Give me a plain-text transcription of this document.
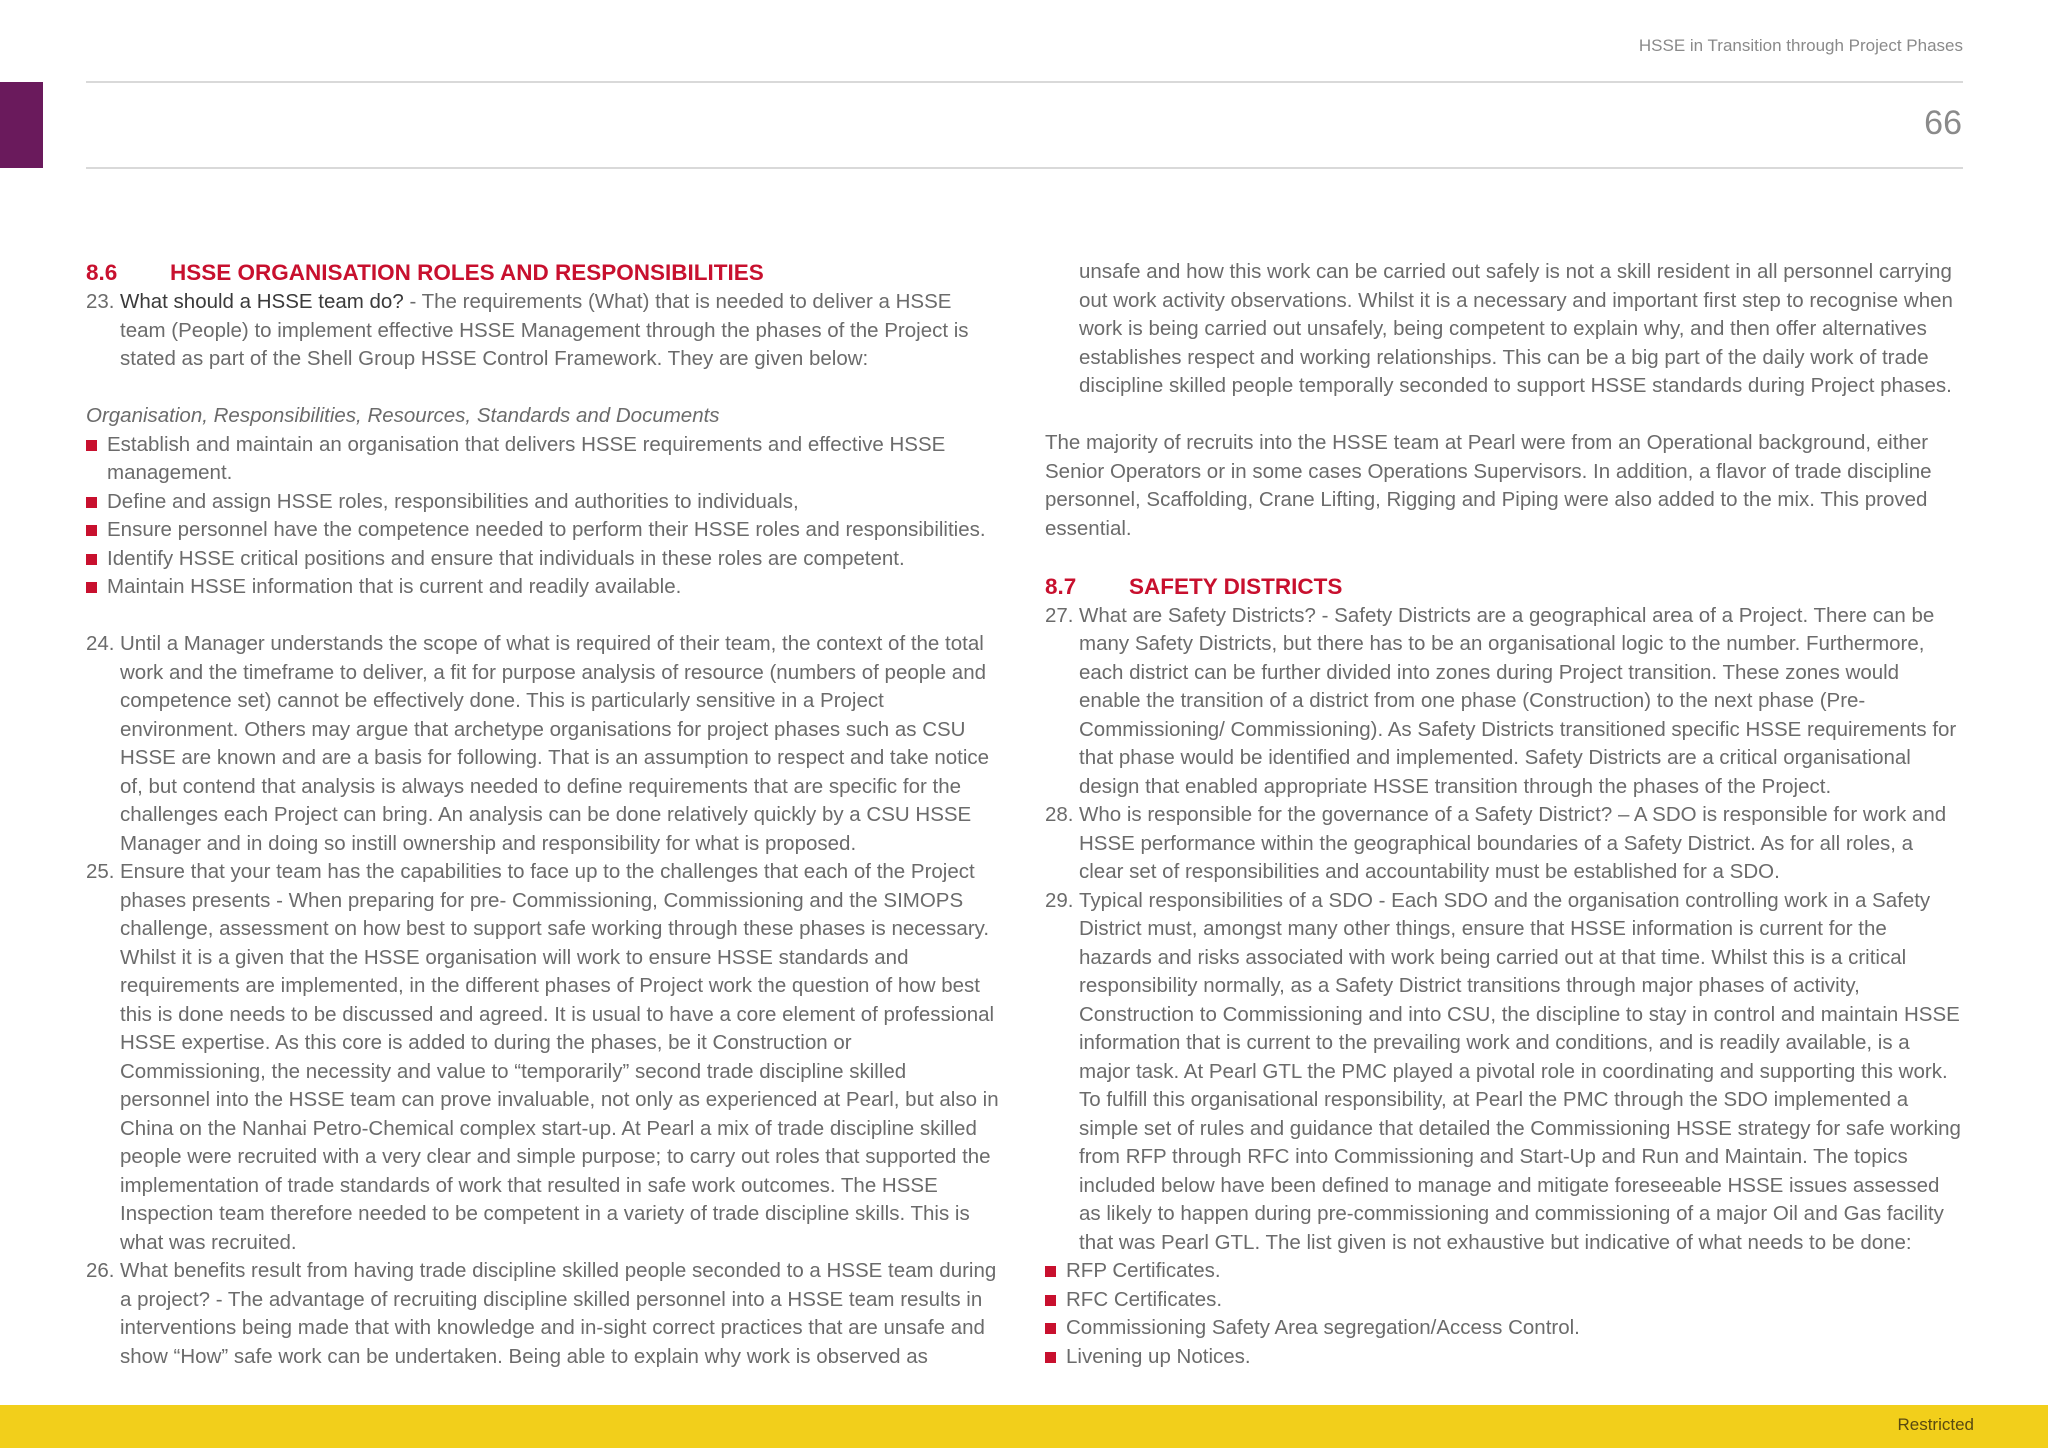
HSSE in Transition through Project Phases
66
8.6	HSSE ORGANISATION ROLES AND RESPONSIBILITIES
23. What should a HSSE team do? - The requirements (What) that is needed to deliver a HSSE team (People) to implement effective HSSE Management through the phases of the Project is stated as part of the Shell Group HSSE Control Framework. They are given below:

Organisation, Responsibilities, Resources, Standards and Documents

Establish and maintain an organisation that delivers HSSE requirements and effective HSSE management.
Define and assign HSSE roles, responsibilities and authorities to individuals,
Ensure personnel have the competence needed to perform their HSSE roles and responsibilities.
Identify HSSE critical positions and ensure that individuals in these roles are competent.
Maintain HSSE information that is current and readily available.
24. Until a Manager understands the scope of what is required of their team, the context of the total work and the timeframe to deliver, a fit for purpose analysis of resource (numbers of people and competence set) cannot be effectively done. This is particularly sensitive in a Project environment. Others may argue that archetype organisations for project phases such as CSU HSSE are known and are a basis for following. That is an assumption to respect and take notice of, but contend that analysis is always needed to define requirements that are specific for the challenges each Project can bring. An analysis can be done relatively quickly by a CSU HSSE Manager and in doing so instill ownership and responsibility for what is proposed.
25. Ensure that your team has the capabilities to face up to the challenges that each of the Project phases presents - When preparing for pre- Commissioning, Commissioning and the SIMOPS challenge, assessment on how best to support safe working through these phases is necessary. Whilst it is a given that the HSSE organisation will work to ensure HSSE standards and requirements are implemented, in the different phases of Project work the question of how best this is done needs to be discussed and agreed. It is usual to have a core element of professional HSSE expertise. As this core is added to during the phases, be it Construction or Commissioning, the necessity and value to “temporarily” second trade discipline skilled personnel into the HSSE team can prove invaluable, not only as experienced at Pearl, but also in China on the Nanhai Petro-Chemical complex start-up. At Pearl a mix of trade discipline skilled people were recruited with a very clear and simple purpose; to carry out roles that supported the implementation of trade standards of work that resulted in safe work outcomes. The HSSE Inspection team therefore needed to be competent in a variety of trade discipline skills. This is what was recruited.
26. What benefits result from having trade discipline skilled people seconded to a HSSE team during a project? - The advantage of recruiting discipline skilled personnel into a HSSE team results in interventions being made that with knowledge and in-sight correct practices that are unsafe and show “How” safe work can be undertaken. Being able to explain why work is observed as

unsafe and how this work can be carried out safely is not a skill resident in all personnel carrying out work activity observations. Whilst it is a necessary and important first step to recognise when work is being carried out unsafely, being competent to explain why, and then offer alternatives establishes respect and working relationships. This can be a big part of the daily work of trade discipline skilled people temporally seconded to support HSSE standards during Project phases.

The majority of recruits into the HSSE team at Pearl were from an Operational background, either Senior Operators or in some cases Operations Supervisors. In addition, a flavor of trade discipline personnel, Scaffolding, Crane Lifting, Rigging and Piping were also added to the mix. This proved essential.

8.7	SAFETY DISTRICTS
27. What are Safety Districts? - Safety Districts are a geographical area of a Project. There can be many Safety Districts, but there has to be an organisational logic to the number. Furthermore, each district can be further divided into zones during Project transition. These zones would enable the transition of a district from one phase (Construction) to the next phase (Pre-Commissioning/ Commissioning). As Safety Districts transitioned specific HSSE requirements for that phase would be identified and implemented. Safety Districts are a critical organisational design that enabled appropriate HSSE transition through the phases of the Project.
28. Who is responsible for the governance of a Safety District? – A SDO is responsible for work and HSSE performance within the geographical boundaries of a Safety District. As for all roles, a clear set of responsibilities and accountability must be established for a SDO.
29. Typical responsibilities of a SDO - Each SDO and the organisation controlling work in a Safety District must, amongst many other things, ensure that HSSE information is current for the hazards and risks associated with work being carried out at that time. Whilst this is a critical responsibility normally, as a Safety District transitions through major phases of activity, Construction to Commissioning and into CSU, the discipline to stay in control and maintain HSSE information that is current to the prevailing work and conditions, and is readily available, is a major task. At Pearl GTL the PMC played a pivotal role in coordinating and supporting this work. To fulfill this organisational responsibility, at Pearl the PMC through the SDO implemented a simple set of rules and guidance that detailed the Commissioning HSSE strategy for safe working from RFP through RFC into Commissioning and Start-Up and Run and Maintain. The topics included below have been defined to manage and mitigate foreseeable HSSE issues assessed as likely to happen during pre-commissioning and commissioning of a major Oil and Gas facility that was Pearl GTL. The list given is not exhaustive but indicative of what needs to be done:
RFP Certificates.
RFC Certificates.
Commissioning Safety Area segregation/Access Control.
Livening up Notices.
Restricted
